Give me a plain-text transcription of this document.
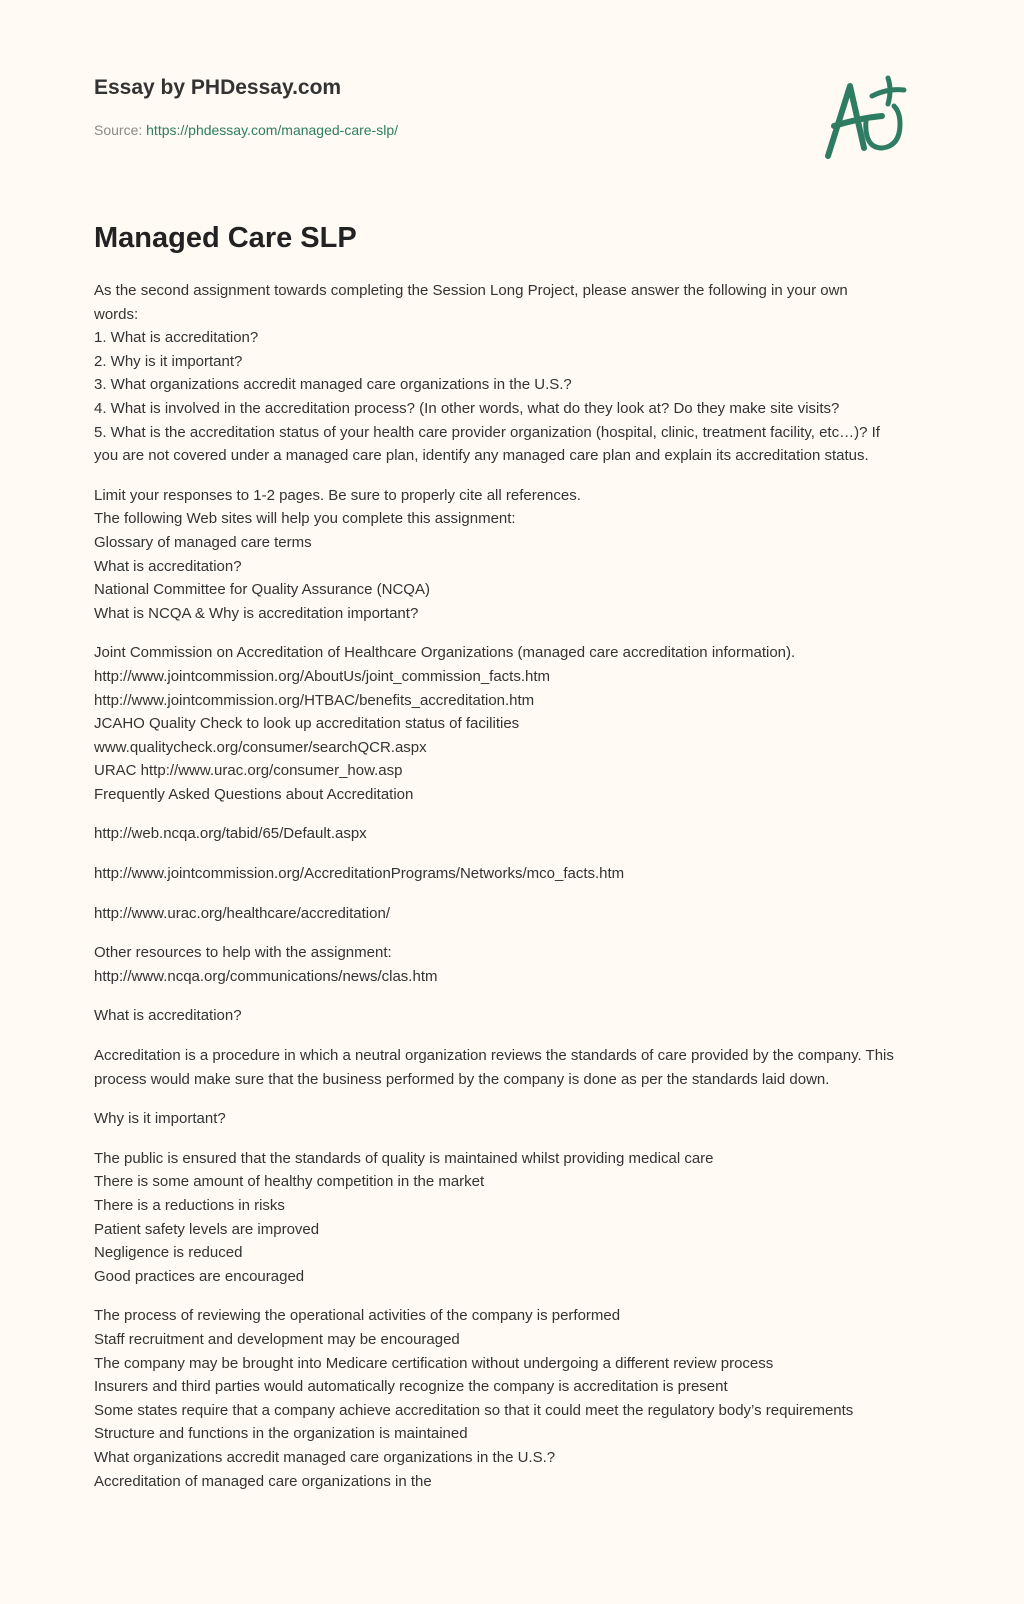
Essay by PHDessay.com
Source: https://phdessay.com/managed-care-slp/
Managed Care SLP
As the second assignment towards completing the Session Long Project, please answer the following in your own words:
1. What is accreditation?
2. Why is it important?
3. What organizations accredit managed care organizations in the U.S.?
4. What is involved in the accreditation process? (In other words, what do they look at? Do they make site visits?
5. What is the accreditation status of your health care provider organization (hospital, clinic, treatment facility, etc…)? If you are not covered under a managed care plan, identify any managed care plan and explain its accreditation status.
Limit your responses to 1-2 pages. Be sure to properly cite all references.
The following Web sites will help you complete this assignment:
Glossary of managed care terms
What is accreditation?
National Committee for Quality Assurance (NCQA)
What is NCQA & Why is accreditation important?
Joint Commission on Accreditation of Healthcare Organizations (managed care accreditation information).
http://www.jointcommission.org/AboutUs/joint_commission_facts.htm
http://www.jointcommission.org/HTBAC/benefits_accreditation.htm
JCAHO Quality Check to look up accreditation status of facilities
www.qualitycheck.org/consumer/searchQCR.aspx
URAC http://www.urac.org/consumer_how.asp
Frequently Asked Questions about Accreditation
http://web.ncqa.org/tabid/65/Default.aspx
http://www.jointcommission.org/AccreditationPrograms/Networks/mco_facts.htm
http://www.urac.org/healthcare/accreditation/
Other resources to help with the assignment:
http://www.ncqa.org/communications/news/clas.htm
What is accreditation?
Accreditation is a procedure in which a neutral organization reviews the standards of care provided by the company. This process would make sure that the business performed by the company is done as per the standards laid down.
Why is it important?
The public is ensured that the standards of quality is maintained whilst providing medical care
There is some amount of healthy competition in the market
There is a reductions in risks
Patient safety levels are improved
Negligence is reduced
Good practices are encouraged
The process of reviewing the operational activities of the company is performed
Staff recruitment and development may be encouraged
The company may be brought into Medicare certification without undergoing a different review process
Insurers and third parties would automatically recognize the company is accreditation is present
Some states require that a company achieve accreditation so that it could meet the regulatory body’s requirements
Structure and functions in the organization is maintained
What organizations accredit managed care organizations in the U.S.?
Accreditation of managed care organizations in the
